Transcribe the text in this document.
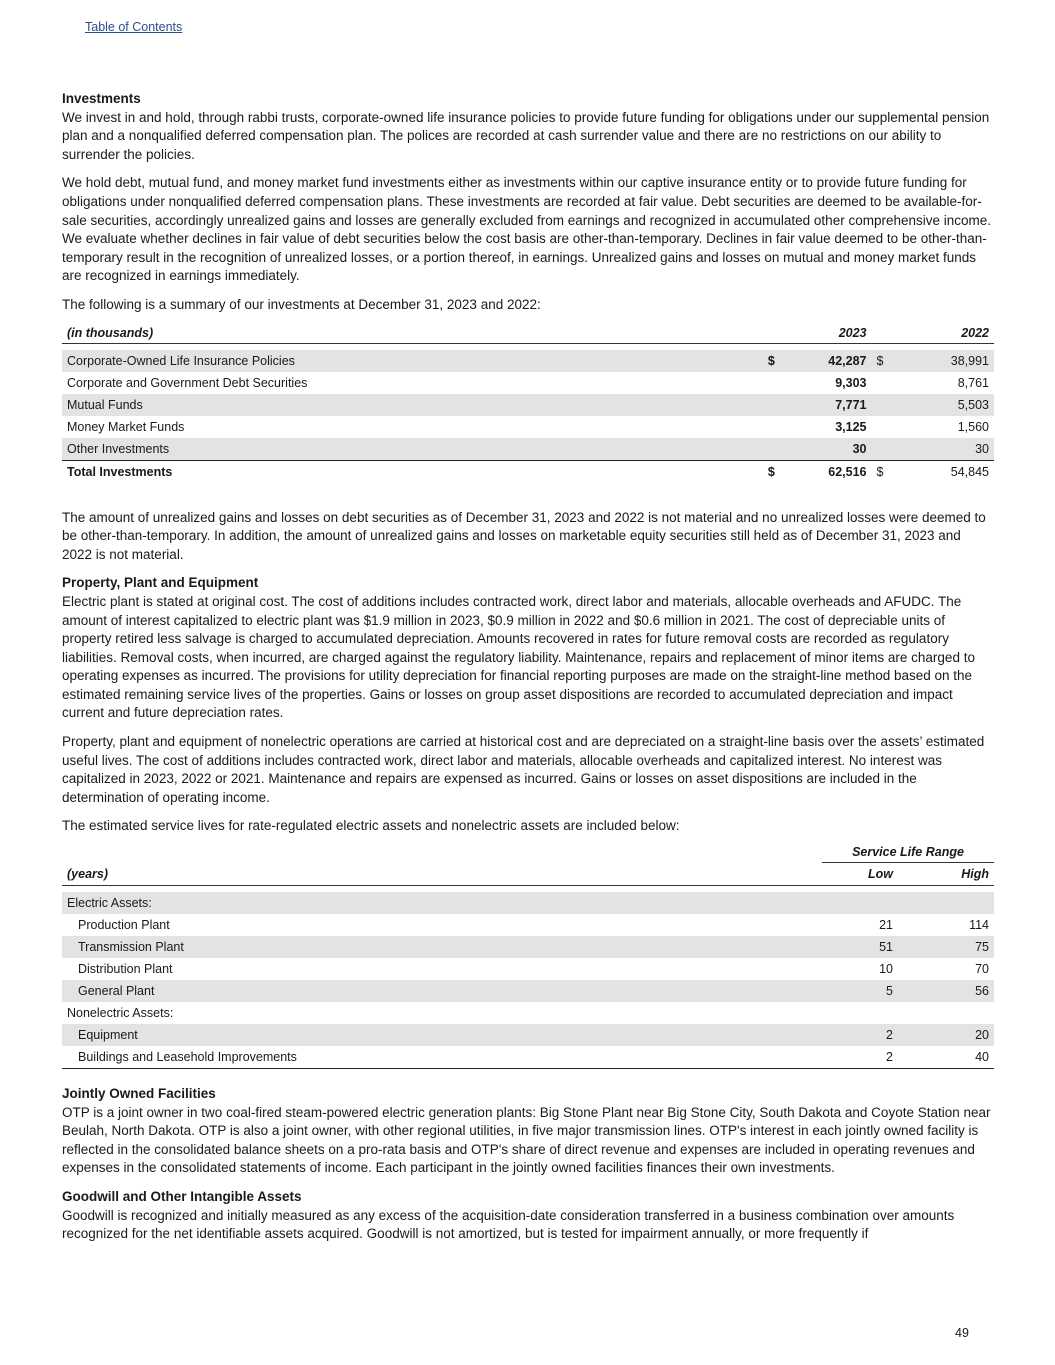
Table of Contents

Investments

We invest in and hold, through rabbi trusts, corporate-owned life insurance policies to provide future funding for obligations under our supplemental pension plan and a nonqualified deferred compensation plan. The polices are recorded at cash surrender value and there are no restrictions on our ability to surrender the policies.

We hold debt, mutual fund, and money market fund investments either as investments within our captive insurance entity or to provide future funding for obligations under nonqualified deferred compensation plans. These investments are recorded at fair value. Debt securities are deemed to be available-for-sale securities, accordingly unrealized gains and losses are generally excluded from earnings and recognized in accumulated other comprehensive income. We evaluate whether declines in fair value of debt securities below the cost basis are other-than-temporary. Declines in fair value deemed to be other-than-temporary result in the recognition of unrealized losses, or a portion thereof, in earnings. Unrealized gains and losses on mutual and money market funds are recognized in earnings immediately.

The following is a summary of our investments at December 31, 2023 and 2022:

(in thousands)		2023		2022

Corporate-Owned Life Insurance Policies	$	42,287	$	38,991
Corporate and Government Debt Securities		9,303		8,761
Mutual Funds		7,771		5,503
Money Market Funds		3,125		1,560
Other Investments		30		30
Total Investments	$	62,516	$	54,845

The amount of unrealized gains and losses on debt securities as of December 31, 2023 and 2022 is not material and no unrealized losses were deemed to be other-than-temporary. In addition, the amount of unrealized gains and losses on marketable equity securities still held as of December 31, 2023 and 2022 is not material.

Property, Plant and Equipment

Electric plant is stated at original cost. The cost of additions includes contracted work, direct labor and materials, allocable overheads and AFUDC. The amount of interest capitalized to electric plant was $1.9 million in 2023, $0.9 million in 2022 and $0.6 million in 2021. The cost of depreciable units of property retired less salvage is charged to accumulated depreciation. Amounts recovered in rates for future removal costs are recorded as regulatory liabilities. Removal costs, when incurred, are charged against the regulatory liability. Maintenance, repairs and replacement of minor items are charged to operating expenses as incurred. The provisions for utility depreciation for financial reporting purposes are made on the straight-line method based on the estimated remaining service lives of the properties. Gains or losses on group asset dispositions are recorded to accumulated depreciation and impact current and future depreciation rates.

Property, plant and equipment of nonelectric operations are carried at historical cost and are depreciated on a straight-line basis over the assets’ estimated useful lives. The cost of additions includes contracted work, direct labor and materials, allocable overheads and capitalized interest. No interest was capitalized in 2023, 2022 or 2021. Maintenance and repairs are expensed as incurred. Gains or losses on asset dispositions are included in the determination of operating income.

The estimated service lives for rate-regulated electric assets and nonelectric assets are included below:

	Service Life Range	
(years)	Low	High

Electric Assets:		
Production Plant	21	114
Transmission Plant	51	75
Distribution Plant	10	70
General Plant	5	56
Nonelectric Assets:		
Equipment	2	20
Buildings and Leasehold Improvements	2	40

Jointly Owned Facilities

OTP is a joint owner in two coal-fired steam-powered electric generation plants: Big Stone Plant near Big Stone City, South Dakota and Coyote Station near Beulah, North Dakota. OTP is also a joint owner, with other regional utilities, in five major transmission lines. OTP's interest in each jointly owned facility is reflected in the consolidated balance sheets on a pro-rata basis and OTP's share of direct revenue and expenses are included in operating revenues and expenses in the consolidated statements of income. Each participant in the jointly owned facilities finances their own investments.

Goodwill and Other Intangible Assets

Goodwill is recognized and initially measured as any excess of the acquisition-date consideration transferred in a business combination over amounts recognized for the net identifiable assets acquired. Goodwill is not amortized, but is tested for impairment annually, or more frequently if

49
